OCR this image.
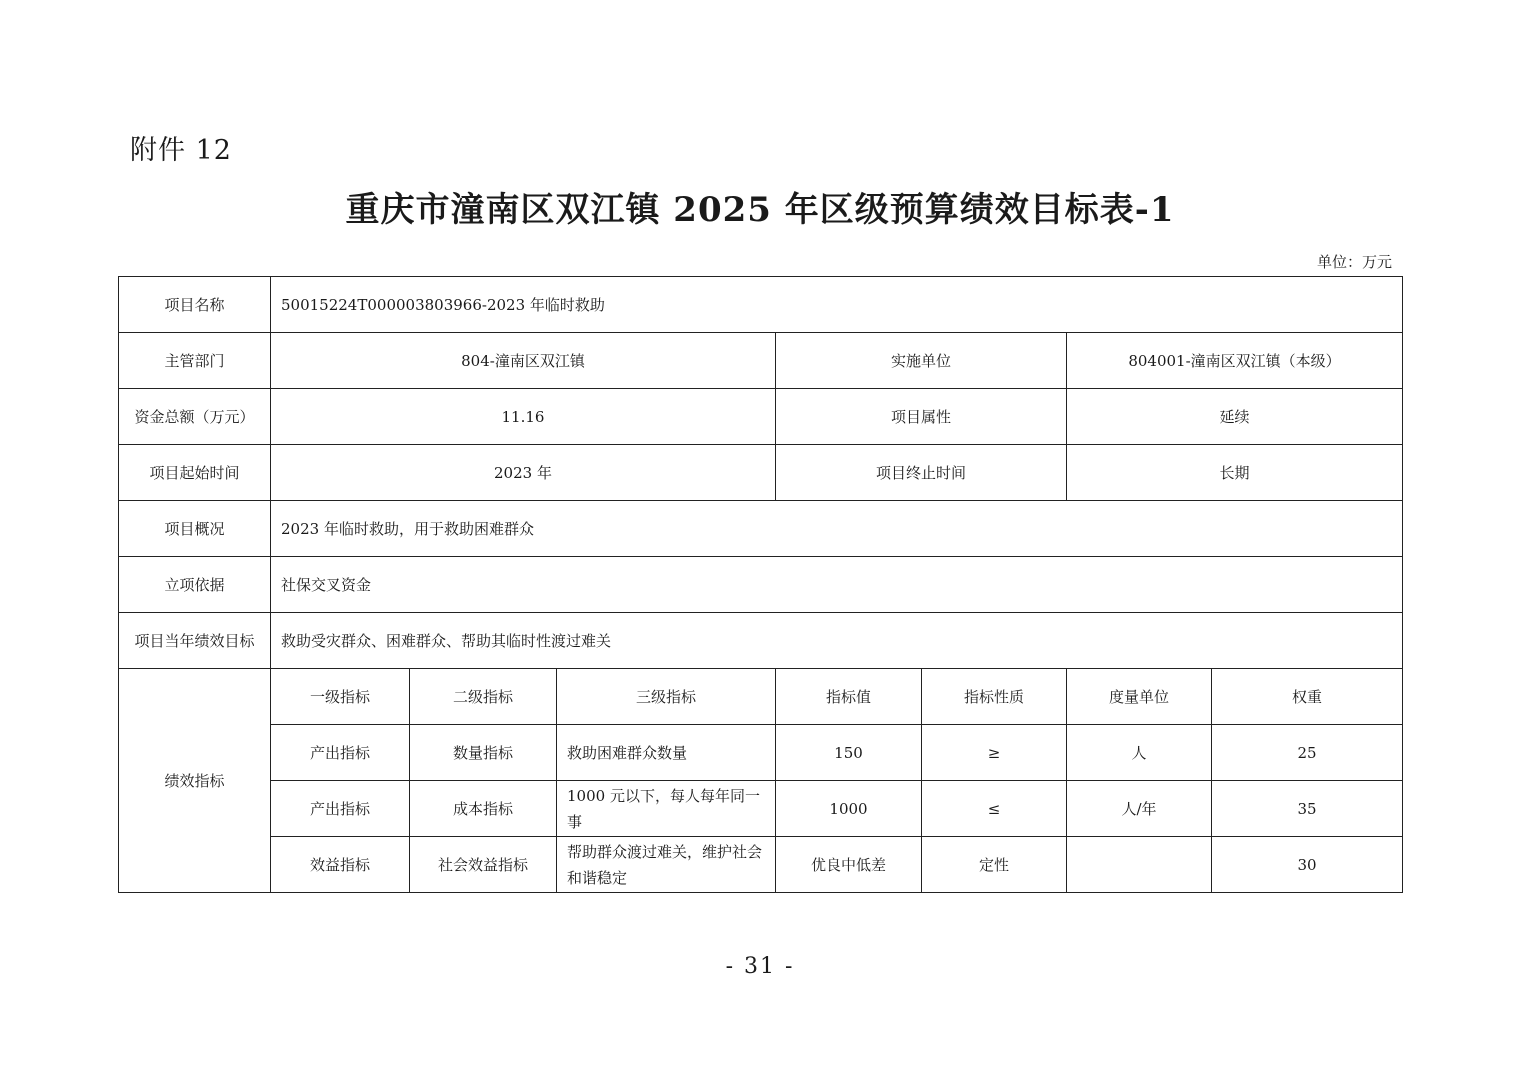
附件 12
重庆市潼南区双江镇 2025 年区级预算绩效目标表-1
单位：万元
项目名称	50015224T000003803966-2023 年临时救助						
主管部门	804-潼南区双江镇			实施单位		804001-潼南区双江镇（本级）	
资金总额（万元）	11.16			项目属性		延续	
项目起始时间	2023 年			项目终止时间		长期	
项目概况	2023 年临时救助，用于救助困难群众						
立项依据	社保交叉资金						
项目当年绩效目标	救助受灾群众、困难群众、帮助其临时性渡过难关						
绩效指标	一级指标	二级指标	三级指标	指标值	指标性质	度量单位	权重
	产出指标	数量指标	救助困难群众数量	150	≥	人	25
	产出指标	成本指标	1000 元以下，每人每年同一事	1000	≤	人/年	35
	效益指标	社会效益指标	帮助群众渡过难关，维护社会和谐稳定	优良中低差	定性		30
- 31 -
